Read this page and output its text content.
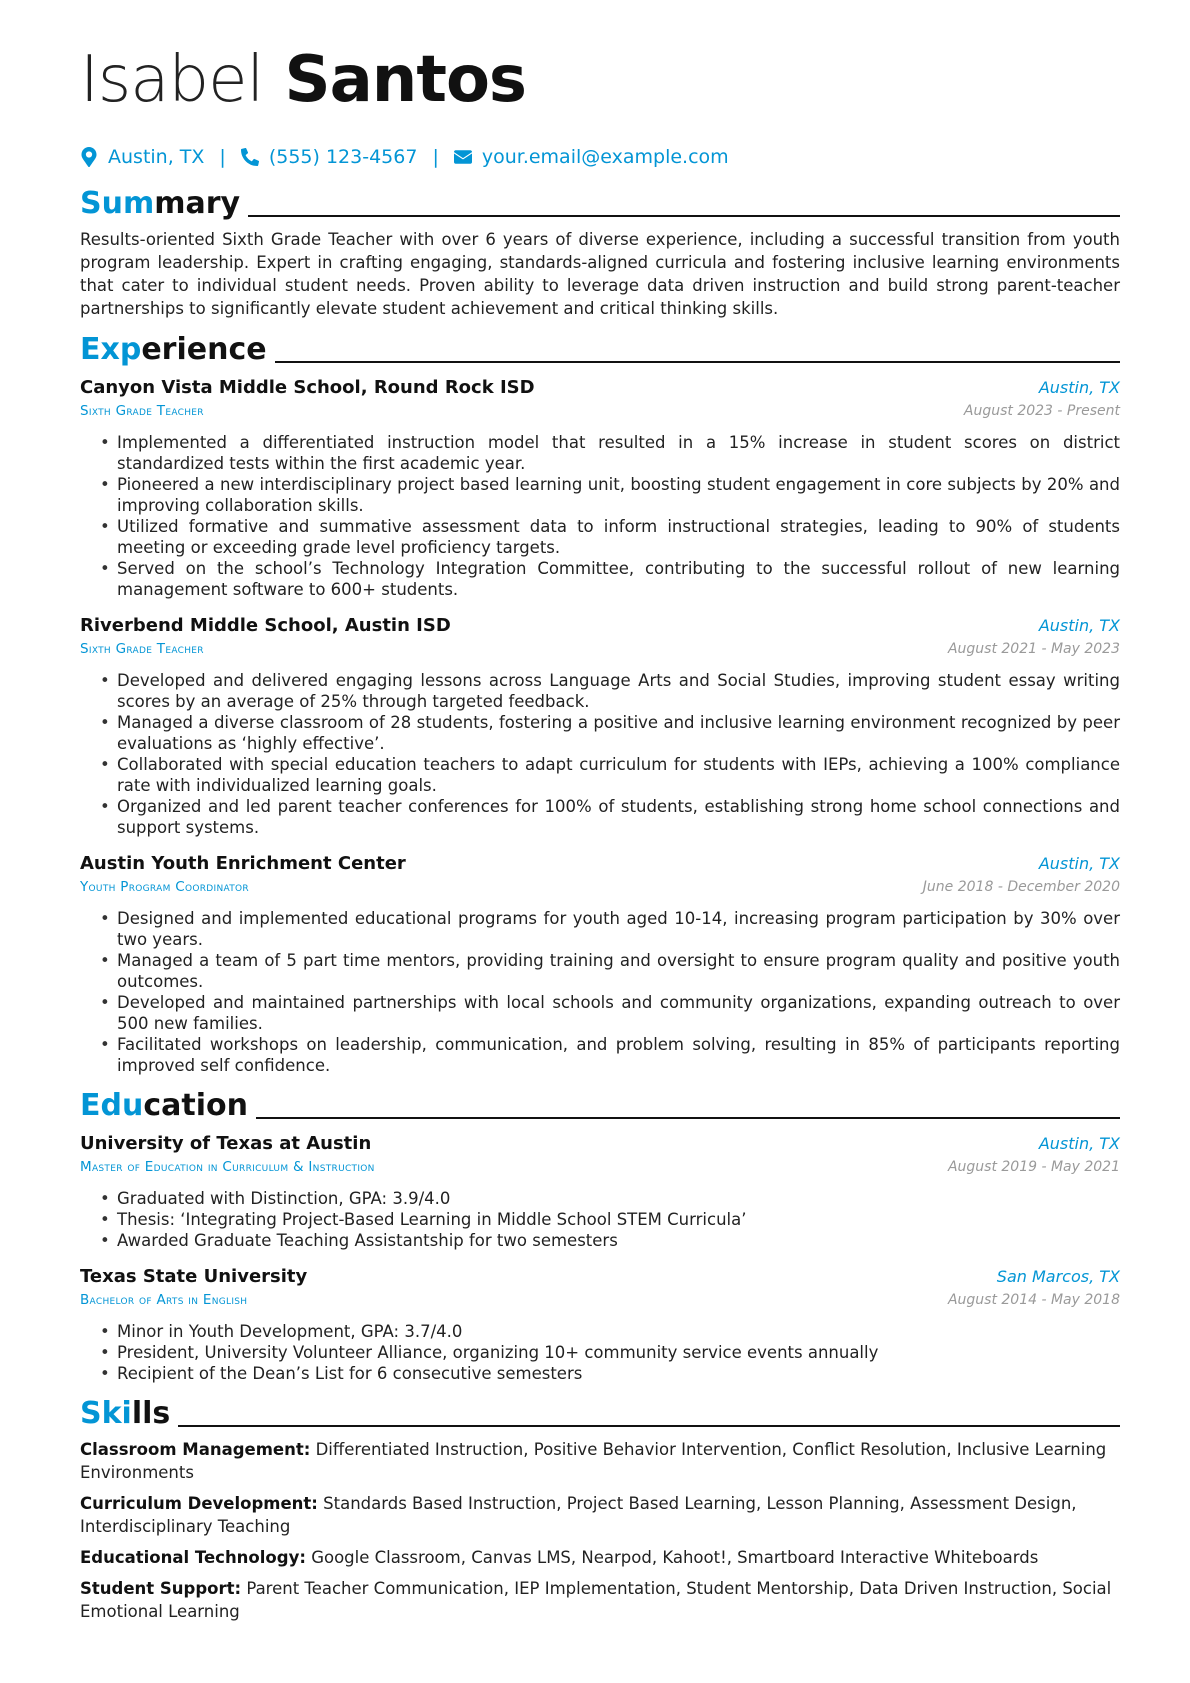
Isabel Santos
Austin, TX | (555) 123-4567 | your.email@example.com
Summary

Results-oriented Sixth Grade Teacher with over 6 years of diverse experience, including a successful transition from youth program leadership. Expert in crafting engaging, standards-aligned curricula and fostering inclusive learning environments that cater to individual student needs. Proven ability to leverage data driven instruction and build strong parent-teacher partnerships to significantly elevate student achievement and critical thinking skills.

Experience
Canyon Vista Middle School, Round Rock ISD	Austin, TX
Sixth Grade Teacher	August 2023 - Present
• Implemented a differentiated instruction model that resulted in a 15% increase in student scores on district standardized tests within the first academic year.
• Pioneered a new interdisciplinary project based learning unit, boosting student engagement in core subjects by 20% and improving collaboration skills.
• Utilized formative and summative assessment data to inform instructional strategies, leading to 90% of students meeting or exceeding grade level proficiency targets.
• Served on the school’s Technology Integration Committee, contributing to the successful rollout of new learning management software to 600+ students.
Riverbend Middle School, Austin ISD	Austin, TX
Sixth Grade Teacher	August 2021 - May 2023
• Developed and delivered engaging lessons across Language Arts and Social Studies, improving student essay writing scores by an average of 25% through targeted feedback.
• Managed a diverse classroom of 28 students, fostering a positive and inclusive learning environment recognized by peer evaluations as ‘highly effective’.
• Collaborated with special education teachers to adapt curriculum for students with IEPs, achieving a 100% compliance rate with individualized learning goals.
• Organized and led parent teacher conferences for 100% of students, establishing strong home school connections and support systems.
Austin Youth Enrichment Center	Austin, TX
Youth Program Coordinator	June 2018 - December 2020
• Designed and implemented educational programs for youth aged 10-14, increasing program participation by 30% over two years.
• Managed a team of 5 part time mentors, providing training and oversight to ensure program quality and positive youth outcomes.
• Developed and maintained partnerships with local schools and community organizations, expanding outreach to over 500 new families.
• Facilitated workshops on leadership, communication, and problem solving, resulting in 85% of participants reporting improved self confidence.
Education
University of Texas at Austin	Austin, TX
Master of Education in Curriculum & Instruction	August 2019 - May 2021
• Graduated with Distinction, GPA: 3.9/4.0
• Thesis: ‘Integrating Project-Based Learning in Middle School STEM Curricula’
• Awarded Graduate Teaching Assistantship for two semesters
Texas State University	San Marcos, TX
Bachelor of Arts in English	August 2014 - May 2018
• Minor in Youth Development, GPA: 3.7/4.0
• President, University Volunteer Alliance, organizing 10+ community service events annually
• Recipient of the Dean’s List for 6 consecutive semesters
Skills
Classroom Management: Differentiated Instruction, Positive Behavior Intervention, Conflict Resolution, Inclusive Learning Environments
Curriculum Development: Standards Based Instruction, Project Based Learning, Lesson Planning, Assessment Design, Interdisciplinary Teaching
Educational Technology: Google Classroom, Canvas LMS, Nearpod, Kahoot!, Smartboard Interactive Whiteboards
Student Support: Parent Teacher Communication, IEP Implementation, Student Mentorship, Data Driven Instruction, Social Emotional Learning
